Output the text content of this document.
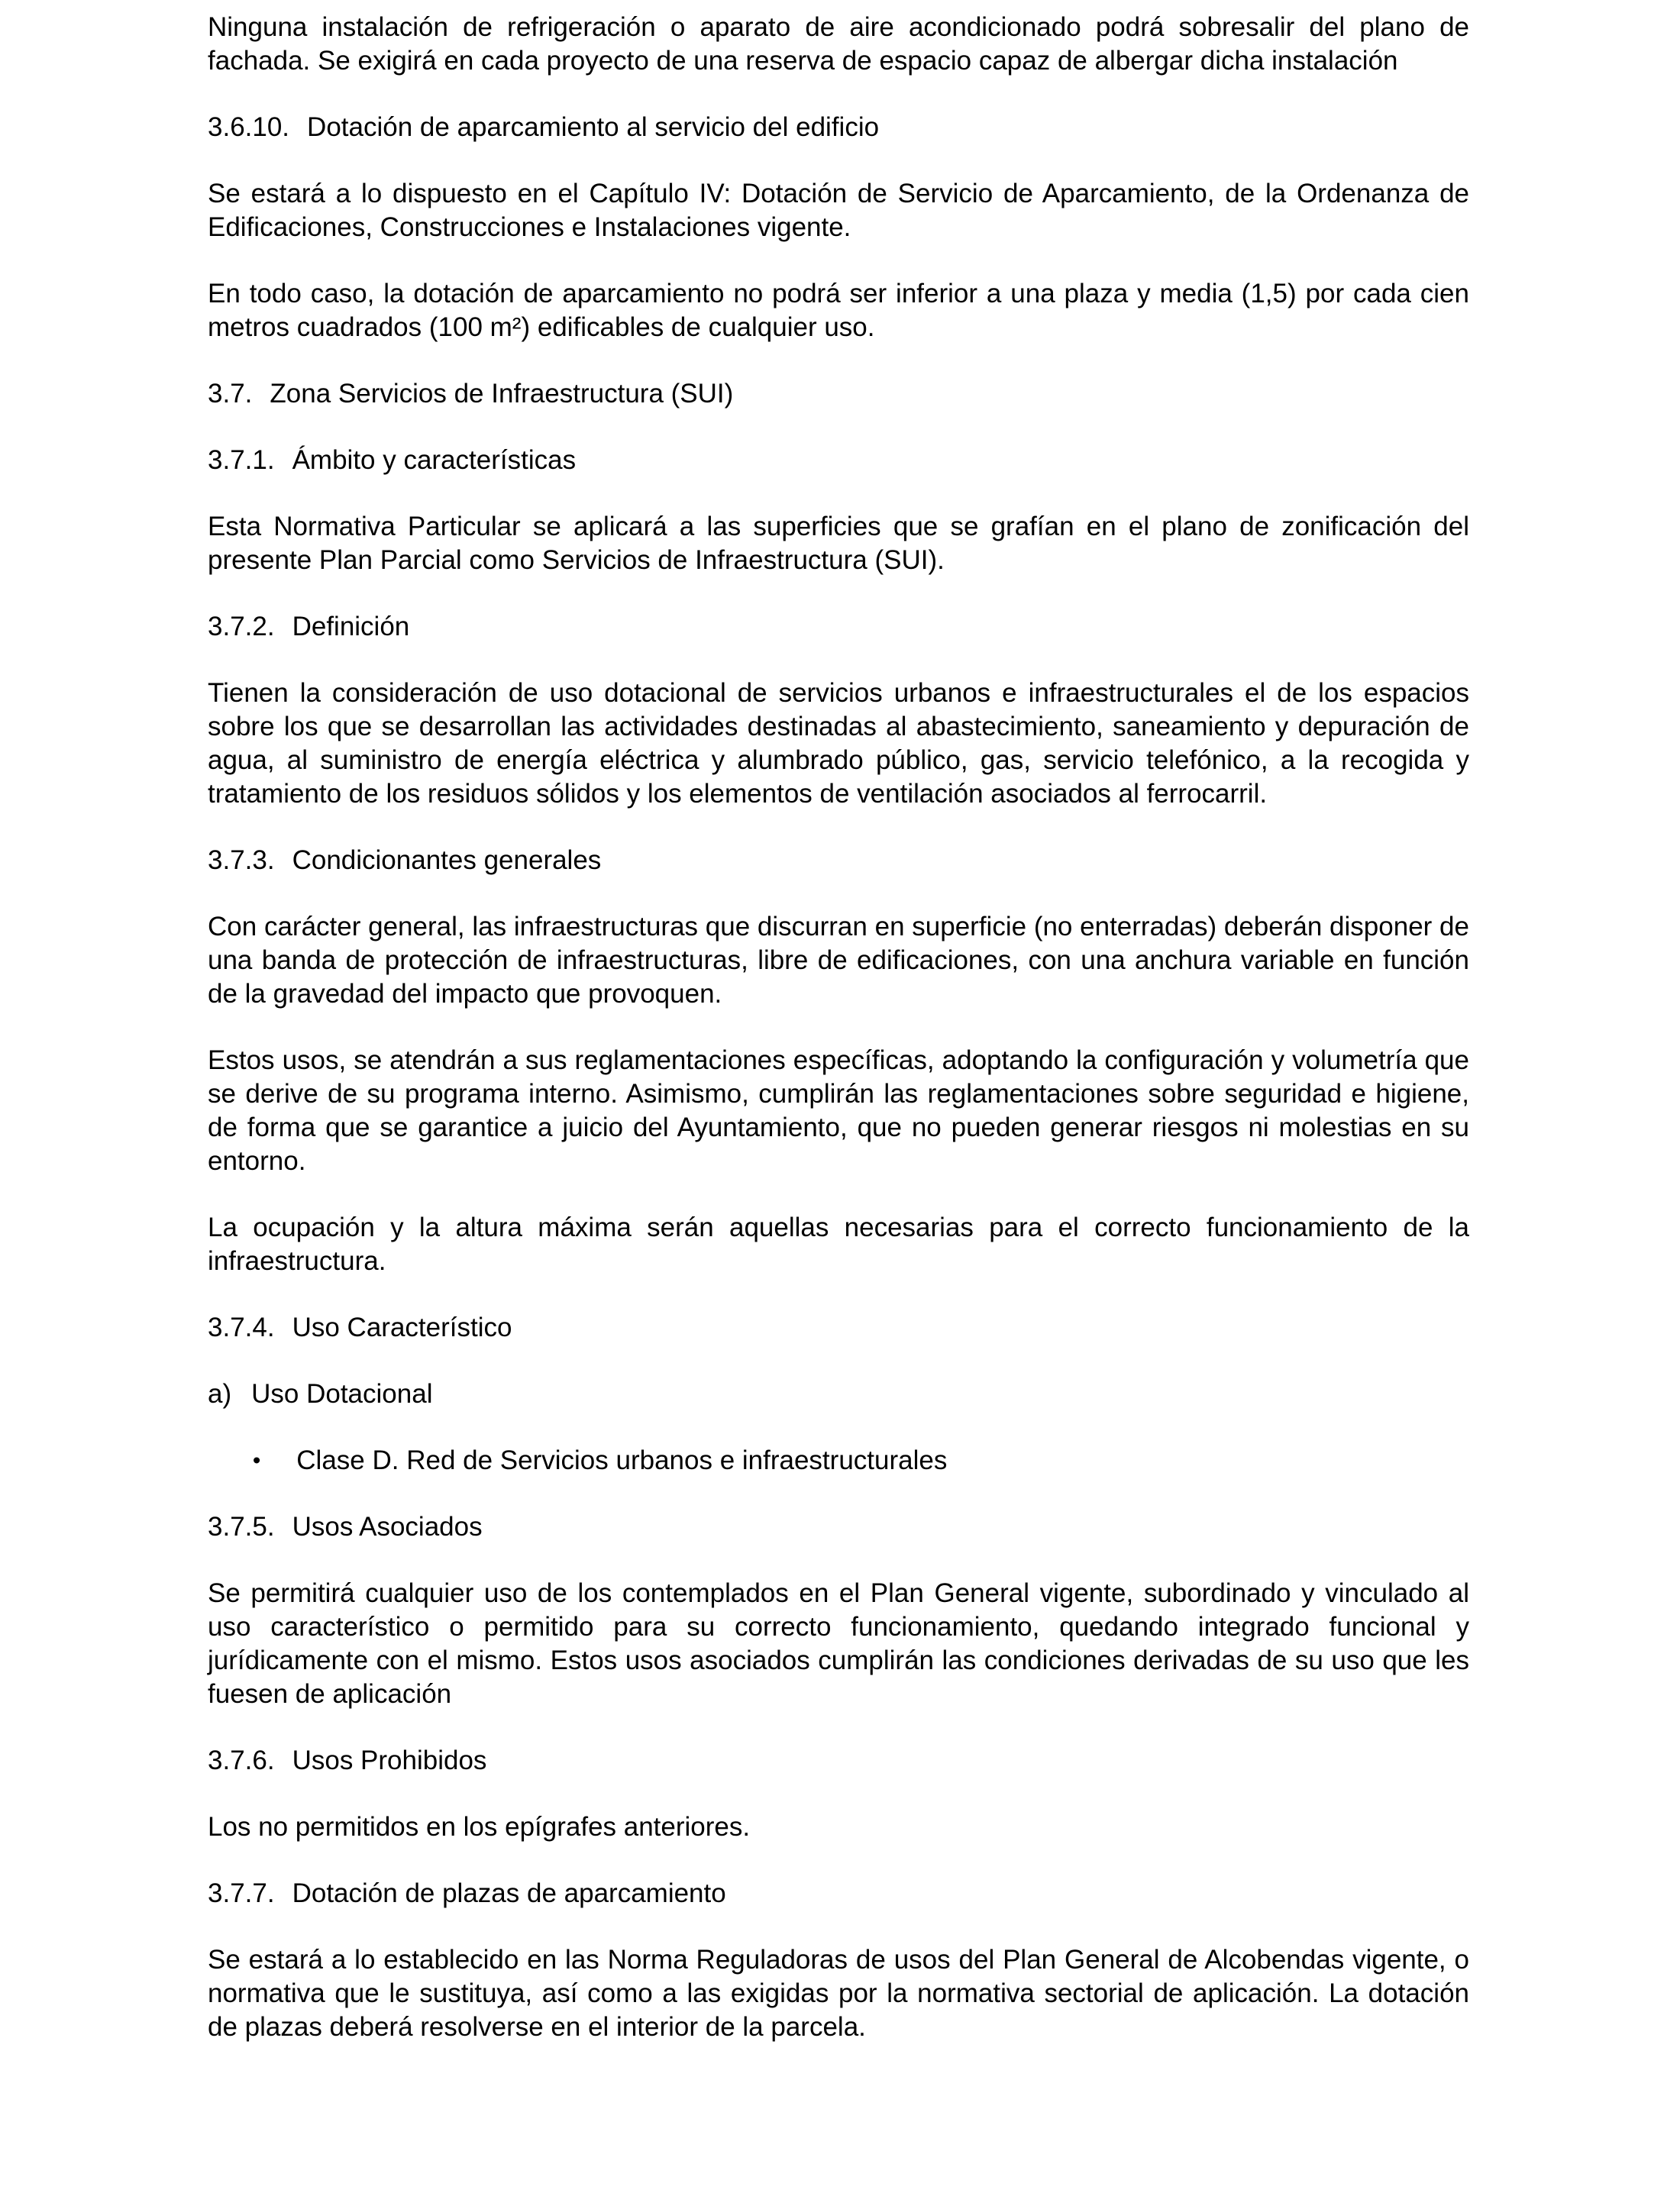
Ninguna instalación de refrigeración o aparato de aire acondicionado podrá sobresalir del plano de fachada. Se exigirá en cada proyecto de una reserva de espacio capaz de albergar dicha instalación

3.6.10. Dotación de aparcamiento al servicio del edificio

Se estará a lo dispuesto en el Capítulo IV: Dotación de Servicio de Aparcamiento, de la Ordenanza de Edificaciones, Construcciones e Instalaciones vigente.

En todo caso, la dotación de aparcamiento no podrá ser inferior a una plaza y media (1,5) por cada cien metros cuadrados (100 m²) edificables de cualquier uso.

3.7. Zona Servicios de Infraestructura (SUI)

3.7.1. Ámbito y características

Esta Normativa Particular se aplicará a las superficies que se grafían en el plano de zonificación del presente Plan Parcial como Servicios de Infraestructura (SUI).

3.7.2. Definición

Tienen la consideración de uso dotacional de servicios urbanos e infraestructurales el de los espacios sobre los que se desarrollan las actividades destinadas al abastecimiento, saneamiento y depuración de agua, al suministro de energía eléctrica y alumbrado público, gas, servicio telefónico, a la recogida y tratamiento de los residuos sólidos y los elementos de ventilación asociados al ferrocarril.

3.7.3. Condicionantes generales

Con carácter general, las infraestructuras que discurran en superficie (no enterradas) deberán disponer de una banda de protección de infraestructuras, libre de edificaciones, con una anchura variable en función de la gravedad del impacto que provoquen.

Estos usos, se atendrán a sus reglamentaciones específicas, adoptando la configuración y volumetría que se derive de su programa interno. Asimismo, cumplirán las reglamentaciones sobre seguridad e higiene, de forma que se garantice a juicio del Ayuntamiento, que no pueden generar riesgos ni molestias en su entorno.

La ocupación y la altura máxima serán aquellas necesarias para el correcto funcionamiento de la infraestructura.

3.7.4. Uso Característico

a) Uso Dotacional

• Clase D. Red de Servicios urbanos e infraestructurales

3.7.5. Usos Asociados

Se permitirá cualquier uso de los contemplados en el Plan General vigente, subordinado y vinculado al uso característico o permitido para su correcto funcionamiento, quedando integrado funcional y jurídicamente con el mismo. Estos usos asociados cumplirán las condiciones derivadas de su uso que les fuesen de aplicación

3.7.6. Usos Prohibidos

Los no permitidos en los epígrafes anteriores.

3.7.7. Dotación de plazas de aparcamiento

Se estará a lo establecido en las Norma Reguladoras de usos del Plan General de Alcobendas vigente, o normativa que le sustituya, así como a las exigidas por la normativa sectorial de aplicación. La dotación de plazas deberá resolverse en el interior de la parcela.
